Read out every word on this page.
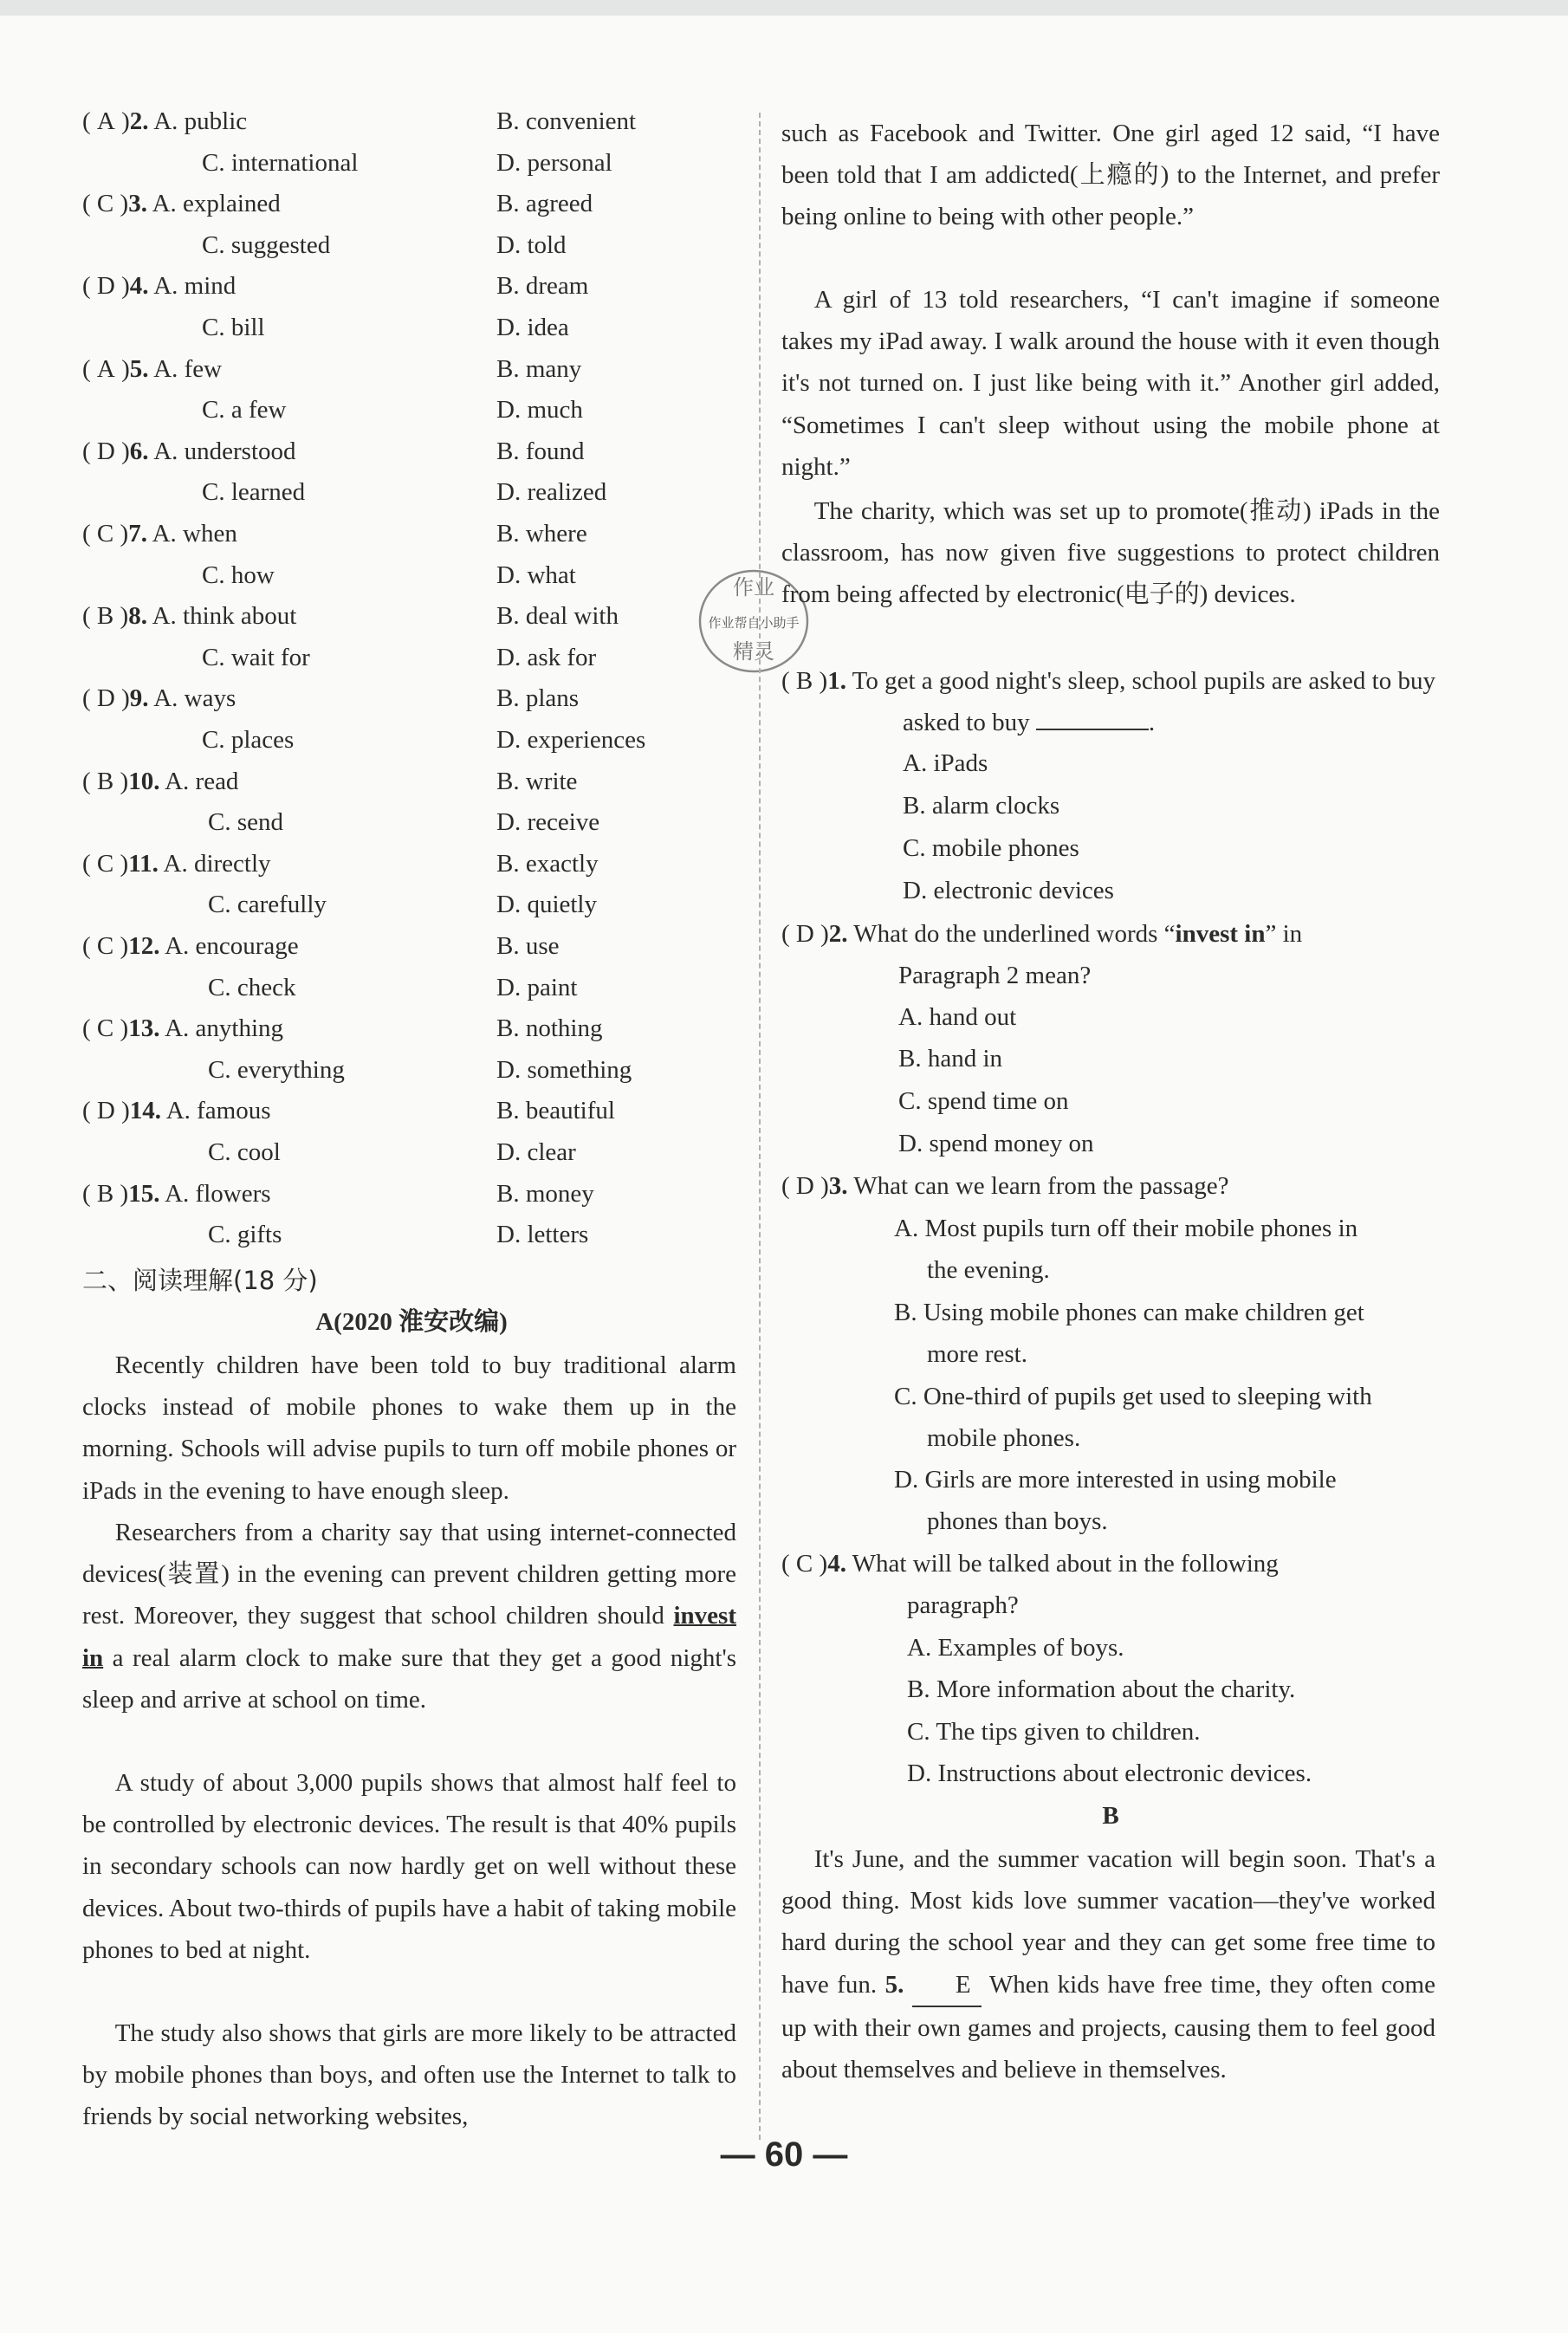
( A )2. A. public	B. convenient
C. international	D. personal
( C )3. A. explained	B. agreed
C. suggested	D. told
( D )4. A. mind	B. dream
C. bill	D. idea
( A )5. A. few	B. many
C. a few	D. much
( D )6. A. understood	B. found
C. learned	D. realized
( C )7. A. when	B. where
C. how	D. what
( B )8. A. think about	B. deal with
C. wait for	D. ask for
( D )9. A. ways	B. plans
C. places	D. experiences
( B )10. A. read	B. write
C. send	D. receive
( C )11. A. directly	B. exactly
C. carefully	D. quietly
( C )12. A. encourage	B. use
C. check	D. paint
( C )13. A. anything	B. nothing
C. everything	D. something
( D )14. A. famous	B. beautiful
C. cool	D. clear
( B )15. A. flowers	B. money
C. gifts	D. letters
二、阅读理解(18 分)
A(2020 淮安改编)
Recently children have been told to buy traditional alarm clocks instead of mobile phones to wake them up in the morning. Schools will advise pupils to turn off mobile phones or iPads in the evening to have enough sleep.
Researchers from a charity say that using internet-connected devices(装置) in the evening can prevent children getting more rest. Moreover, they suggest that school children should invest in a real alarm clock to make sure that they get a good night's sleep and arrive at school on time.
A study of about 3,000 pupils shows that almost half feel to be controlled by electronic devices. The result is that 40% pupils in secondary schools can now hardly get on well without these devices. About two-thirds of pupils have a habit of taking mobile phones to bed at night.
The study also shows that girls are more likely to be attracted by mobile phones than boys, and often use the Internet to talk to friends by social networking websites,
作业
作业帮自小助手
精灵
such as Facebook and Twitter. One girl aged 12 said, “I have been told that I am addicted(上瘾的) to the Internet, and prefer being online to being with other people.”
A girl of 13 told researchers, “I can't imagine if someone takes my iPad away. I walk around the house with it even though it's not turned on. I just like being with it.” Another girl added, “Sometimes I can't sleep without using the mobile phone at night.”
The charity, which was set up to promote(推动) iPads in the classroom, has now given five suggestions to protect children from being affected by electronic(电子的) devices.
( B )1. To get a good night's sleep, school pupils are asked to buy
asked to buy	.
A. iPads
B. alarm clocks
C. mobile phones
D. electronic devices
( D )2. What do the underlined words “invest in” in
Paragraph 2 mean?
A. hand out
B. hand in
C. spend time on
D. spend money on
( D )3. What can we learn from the passage?
A. Most pupils turn off their mobile phones in
the evening.
B. Using mobile phones can make children get
more rest.
C. One-third of pupils get used to sleeping with
mobile phones.
D. Girls are more interested in using mobile
phones than boys.
( C )4. What will be talked about in the following
paragraph?
A. Examples of boys.
B. More information about the charity.
C. The tips given to children.
D. Instructions about electronic devices.
B
It's June, and the summer vacation will begin soon. That's a good thing. Most kids love summer vacation—they've worked hard during the school year and they can get some free time to have fun. 5. E When kids have free time, they often come up with their own games and projects, causing them to feel good about themselves and believe in themselves.
— 60 —
